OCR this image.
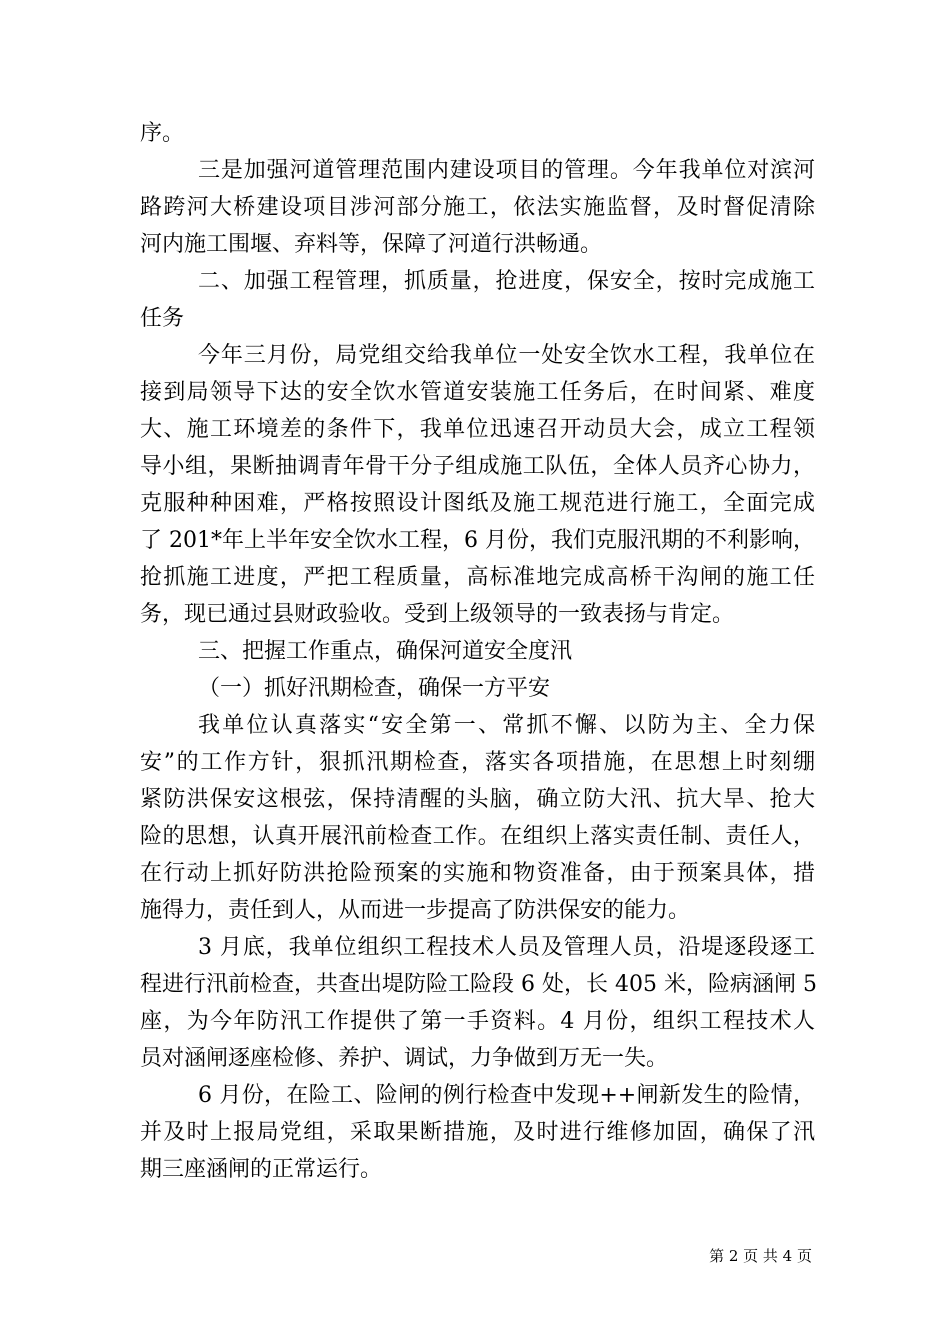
序。
三是加强河道管理范围内建设项目的管理。今年我单位对滨河
路跨河大桥建设项目涉河部分施工，依法实施监督，及时督促清除
河内施工围堰、弃料等，保障了河道行洪畅通。
二、加强工程管理，抓质量，抢进度，保安全，按时完成施工
任务
今年三月份，局党组交给我单位一处安全饮水工程，我单位在
接到局领导下达的安全饮水管道安装施工任务后，在时间紧、难度
大、施工环境差的条件下，我单位迅速召开动员大会，成立工程领
导小组，果断抽调青年骨干分子组成施工队伍，全体人员齐心协力，
克服种种困难，严格按照设计图纸及施工规范进行施工，全面完成
了 201*年上半年安全饮水工程，6 月份，我们克服汛期的不利影响，
抢抓施工进度，严把工程质量，高标准地完成高桥干沟闸的施工任
务，现已通过县财政验收。受到上级领导的一致表扬与肯定。
三、把握工作重点，确保河道安全度汛
（一）抓好汛期检查，确保一方平安
我单位认真落实“安全第一、常抓不懈、以防为主、全力保
安”的工作方针，狠抓汛期检查，落实各项措施，在思想上时刻绷
紧防洪保安这根弦，保持清醒的头脑，确立防大汛、抗大旱、抢大
险的思想，认真开展汛前检查工作。在组织上落实责任制、责任人，
在行动上抓好防洪抢险预案的实施和物资准备，由于预案具体，措
施得力，责任到人，从而进一步提高了防洪保安的能力。
3 月底，我单位组织工程技术人员及管理人员，沿堤逐段逐工
程进行汛前检查，共查出堤防险工险段 6 处，长 405 米，险病涵闸 5
座，为今年防汛工作提供了第一手资料。4 月份，组织工程技术人
员对涵闸逐座检修、养护、调试，力争做到万无一失。
6 月份，在险工、险闸的例行检查中发现++闸新发生的险情，
并及时上报局党组，采取果断措施，及时进行维修加固，确保了汛
期三座涵闸的正常运行。
第 2 页 共 4 页
